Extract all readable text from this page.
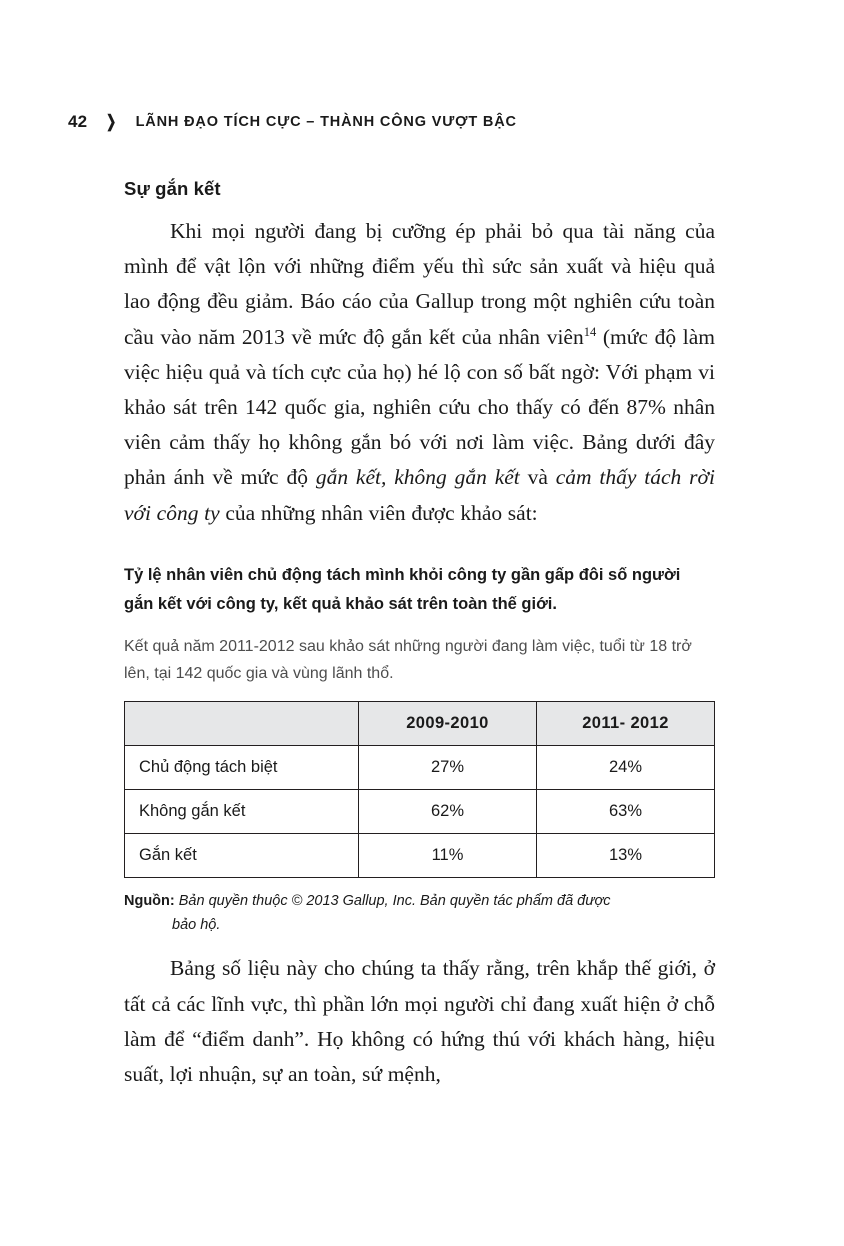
42 ❯ LÃNH ĐẠO TÍCH CỰC – THÀNH CÔNG VƯỢT BẬC
Sự gắn kết

Khi mọi người đang bị cưỡng ép phải bỏ qua tài năng của mình để vật lộn với những điểm yếu thì sức sản xuất và hiệu quả lao động đều giảm. Báo cáo của Gallup trong một nghiên cứu toàn cầu vào năm 2013 về mức độ gắn kết của nhân viên$^{14}$ (mức độ làm việc hiệu quả và tích cực của họ) hé lộ con số bất ngờ: Với phạm vi khảo sát trên 142 quốc gia, nghiên cứu cho thấy có đến 87% nhân viên cảm thấy họ không gắn bó với nơi làm việc. Bảng dưới đây phản ánh về mức độ gắn kết, không gắn kết và cảm thấy tách rời với công ty của những nhân viên được khảo sát:

Tỷ lệ nhân viên chủ động tách mình khỏi công ty gần gấp đôi số người gắn kết với công ty, kết quả khảo sát trên toàn thế giới.

Kết quả năm 2011-2012 sau khảo sát những người đang làm việc, tuổi từ 18 trở lên, tại 142 quốc gia và vùng lãnh thổ.

	2009-2010	2011- 2012
Chủ động tách biệt	27%	24%
Không gắn kết	62%	63%
Gắn kết	11%	13%

Nguồn: Bản quyền thuộc © 2013 Gallup, Inc. Bản quyền tác phẩm đã được
bảo hộ.

Bảng số liệu này cho chúng ta thấy rằng, trên khắp thế giới, ở tất cả các lĩnh vực, thì phần lớn mọi người chỉ đang xuất hiện ở chỗ làm để “điểm danh”. Họ không có hứng thú với khách hàng, hiệu suất, lợi nhuận, sự an toàn, sứ mệnh,
